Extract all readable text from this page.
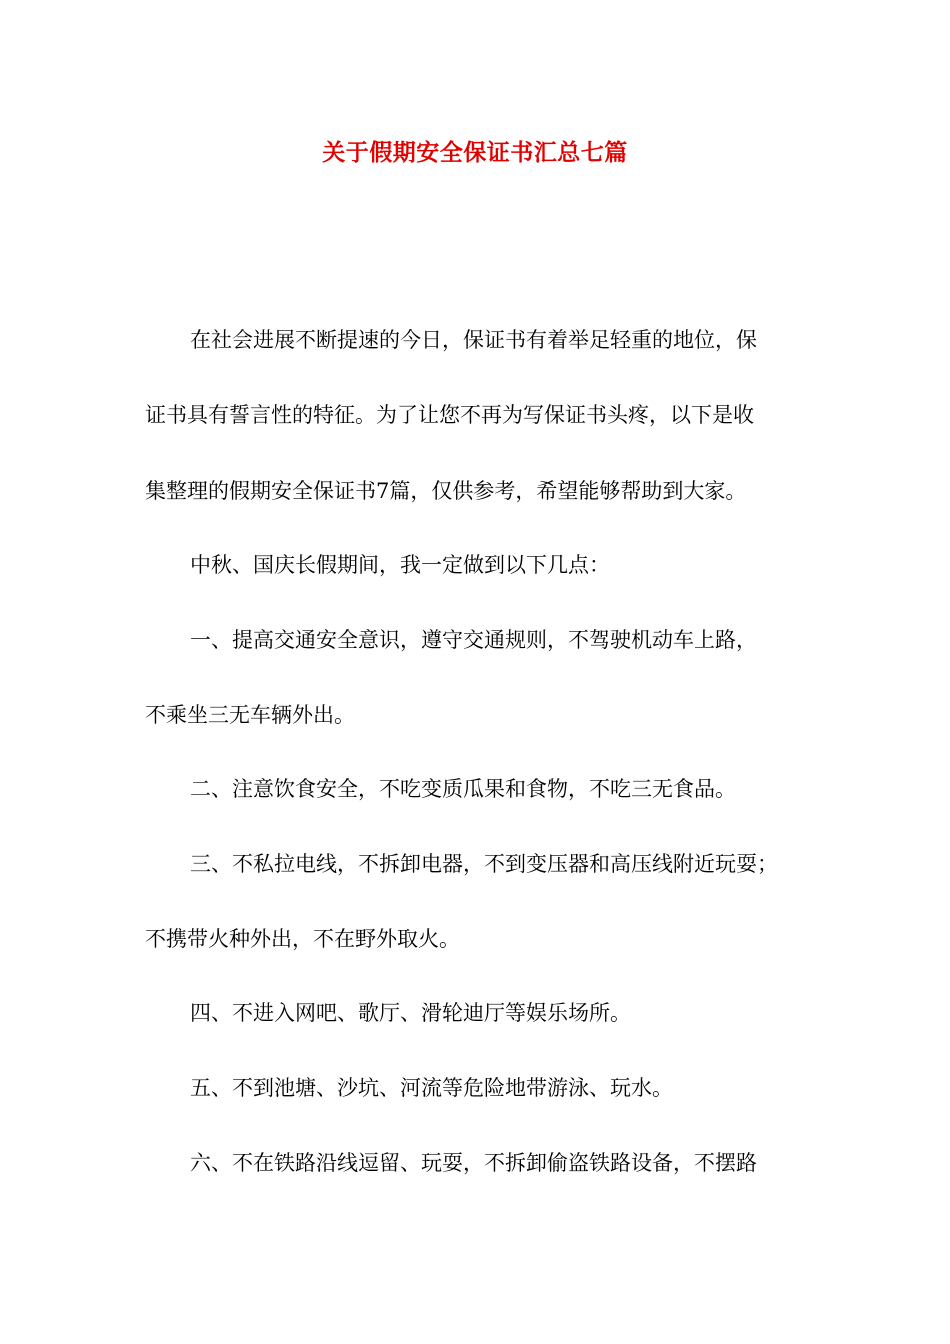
关于假期安全保证书汇总七篇

在社会进展不断提速的今日，保证书有着举足轻重的地位，保

证书具有誓言性的特征。为了让您不再为写保证书头疼，以下是收

集整理的假期安全保证书7篇，仅供参考，希望能够帮助到大家。

中秋、国庆长假期间，我一定做到以下几点：

一、提高交通安全意识，遵守交通规则，不驾驶机动车上路，

不乘坐三无车辆外出。

二、注意饮食安全，不吃变质瓜果和食物，不吃三无食品。

三、不私拉电线，不拆卸电器，不到变压器和高压线附近玩耍；

不携带火种外出，不在野外取火。

四、不进入网吧、歌厅、滑轮迪厅等娱乐场所。

五、不到池塘、沙坑、河流等危险地带游泳、玩水。

六、不在铁路沿线逗留、玩耍，不拆卸偷盗铁路设备，不摆路
